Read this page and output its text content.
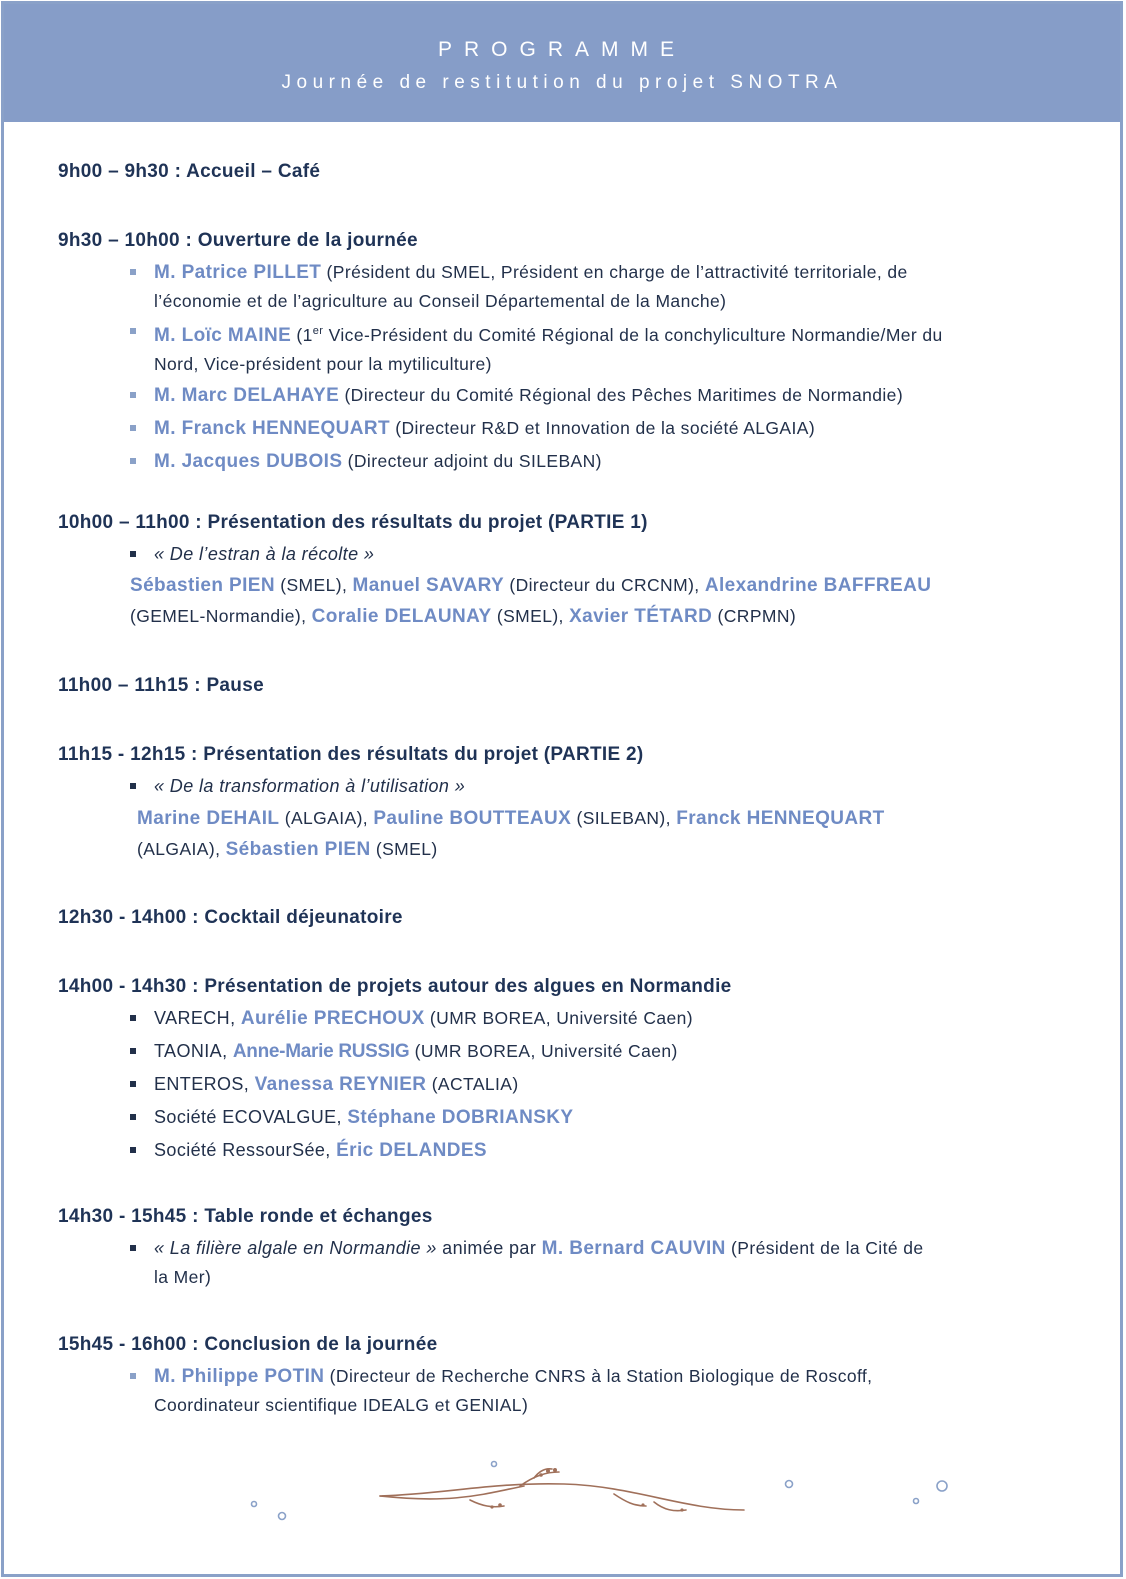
PROGRAMME
Journée de restitution du projet SNOTRA
9h00 – 9h30 : Accueil – Café
9h30 – 10h00 : Ouverture de la journée
M. Patrice PILLET (Président du SMEL, Président en charge de l’attractivité territoriale, de
l’économie et de l’agriculture au Conseil Départemental de la Manche)
M. Loïc MAINE (1er Vice-Président du Comité Régional de la conchyliculture Normandie/Mer du
Nord, Vice-président pour la mytiliculture)
M. Marc DELAHAYE (Directeur du Comité Régional des Pêches Maritimes de Normandie)
M. Franck HENNEQUART (Directeur R&D et Innovation de la société ALGAIA)
M. Jacques DUBOIS (Directeur adjoint du SILEBAN)
10h00 – 11h00 : Présentation des résultats du projet (PARTIE 1)
« De l’estran à la récolte »
Sébastien PIEN (SMEL), Manuel SAVARY (Directeur du CRCNM), Alexandrine BAFFREAU
(GEMEL-Normandie), Coralie DELAUNAY (SMEL), Xavier TÉTARD (CRPMN)
11h00 – 11h15 : Pause
11h15 - 12h15 : Présentation des résultats du projet (PARTIE 2)
« De la transformation à l’utilisation »
Marine DEHAIL (ALGAIA), Pauline BOUTTEAUX (SILEBAN), Franck HENNEQUART
(ALGAIA), Sébastien PIEN (SMEL)
12h30 - 14h00 : Cocktail déjeunatoire
14h00 - 14h30 : Présentation de projets autour des algues en Normandie
VARECH, Aurélie PRECHOUX (UMR BOREA, Université Caen)
TAONIA, Anne-Marie RUSSIG (UMR BOREA, Université Caen)
ENTEROS, Vanessa REYNIER (ACTALIA)
Société ECOVALGUE, Stéphane DOBRIANSKY
Société RessourSée, Éric DELANDES
14h30 - 15h45 : Table ronde et échanges
« La filière algale en Normandie » animée par M. Bernard CAUVIN (Président de la Cité de
la Mer)
15h45 - 16h00 : Conclusion de la journée
M. Philippe POTIN (Directeur de Recherche CNRS à la Station Biologique de Roscoff,
Coordinateur scientifique IDEALG et GENIAL)
